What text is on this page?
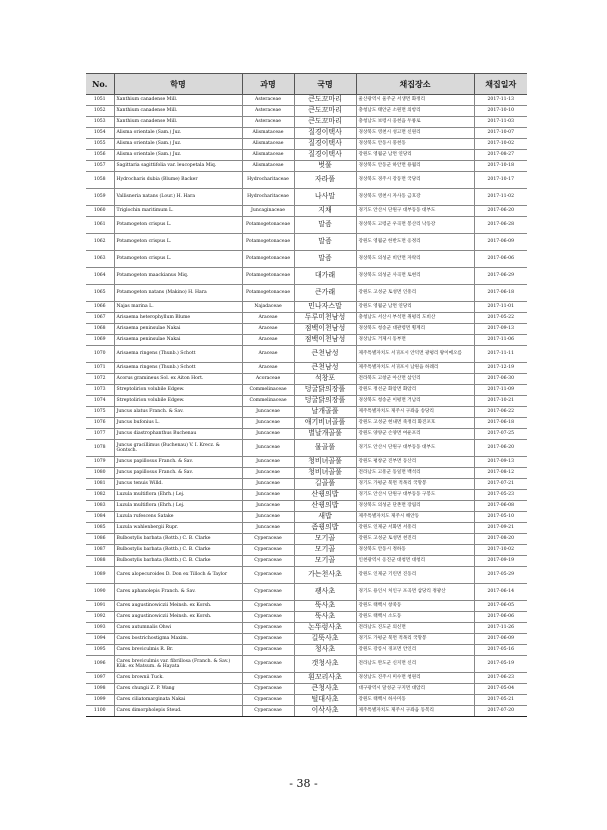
No.	학명	과명	국명	채집장소	채집일자
1051	Xanthium canadense Mill.	Asteraceae	큰도꼬마리	울산광역시 울주군 서생면 화정리	2017-11-13
1052	Xanthium canadense Mill.	Asteraceae	큰도꼬마리	충청남도 태안군 소원면 의항리	2017-10-10
1053	Xanthium canadense Mill.	Asteraceae	큰도꼬마리	충청남도 보령시 웅천읍 두룡로	2017-11-03
1054	Alisma orientale (Sam.) Juz.	Alismataceae	질경이택사	경상북도 영천시 성고면 신원리	2017-10-07
1055	Alisma orientale (Sam.) Juz.	Alismataceae	질경이택사	경상북도 안동시 풍천동	2017-10-02
1056	Alisma orientale (Sam.) Juz.	Alismataceae	질경이택사	강원도 영월군 남면 연당리	2017-08-27
1057	Sagittaria sagittifolia var. leucopetala Miq.	Alismataceae	벗풀	경상북도 안동군 하안면 용월리	2017-10-18
1058	Hydrocharis dubia (Blume) Backer	Hydrocharitaceae	자라풀	경상북도 경주시 강동면 국당리	2017-10-17
1059	Vallisneria natans (Lour.) H. Hara	Hydrocharitaceae	나사말	경상북도 영천시 자사동 금호강	2017-11-02
1060	Triglochin maritimum L.	Juncaginaceae	지채	경기도 안산시 단원구 대부동동 대부도	2017-06-20
1061	Potamogeton crispus L.	Potamogetonaceae	말즘	경상북도 고령군 우곡면 봉산리 낙동강	2017-06-28
1062	Potamogeton crispus L.	Potamogetonaceae	말즘	강원도 영월군 한반도면 옹정리	2017-06-09
1063	Potamogeton crispus L.	Potamogetonaceae	말즘	경상북도 의성군 비안면 자락리	2017-06-06
1064	Potamogeton maackianus Miq.	Potamogetonaceae	대가래	경상북도 의성군 사곡면 토현리	2017-06-29
1065	Potamogeton natans (Makino) H. Hara	Potamogetonaceae	큰가래	강원도 고성군 토성면 인흥리	2017-06-18
1066	Najas marina L.	Najadaceae	민나자스말	강원도 영월군 남면 연당리	2017-11-01
1067	Arisaema heterophyllum Blume	Araceae	두루미천남성	충청남도 서산시 부석면 취평리 도비산	2017-05-22
1068	Arisaema peninsulae Nakai	Araceae	점백이천남성	경상북도 청송군 대관령면 횡계리	2017-09-13
1069	Arisaema peninsulae Nakai	Araceae	점백이천남성	경상남도 거제시 동부면	2017-11-06
1070	Arisaema ringens (Thunb.) Schott	Araceae	큰천남성	제주특별자치도 서귀포시 안덕면 광평리 왕이메오름	2017-11-11
1071	Arisaema ringens (Thunb.) Schott	Araceae	큰천남성	제주특별자치도 서귀포시 남원읍 하례리	2017-12-19
1072	Acorus gramineus Sol. ex Aiton Hort.	Acoraceae	석창포	전라북도 고창군 아산면 삼인리	2017-06-30
1073	Streptolirion volubile Edgew.	Commelinaceae	덩굴닭의장풀	강원도 정선군 화암면 화암리	2017-11-09
1074	Streptolirion volubile Edgew.	Commelinaceae	덩굴닭의장풀	경상북도 청송군 이평면 거남리	2017-10-21
1075	Juncus alatus Franch. & Sav.	Juncaceae	날개골풀	제주특별자치도 제주시 구좌읍 송당리	2017-06-22
1076	Juncus bufonius L.	Juncaceae	애기비녀골풀	강원도 고성군 현내면 죽정리 화진포호	2017-06-18
1077	Juncus diastrophanthus Buchenau	Juncaceae	별날개골풀	강원도 양양군 손양면 여운포리	2017-07-25
1078	Juncus gracillimus (Buchenau) V. I. Krecz. & Gontsch.	Juncaceae	물골풀	경기도 안산시 단원구 대부동동 대부도	2017-06-20
1079	Juncus papillosus Franch. & Sav.	Juncaceae	청비녀골풀	강원도 평창군 진부면 동산리	2017-09-13
1080	Juncus papillosus Franch. & Sav.	Juncaceae	청비녀골풀	전라남도 고흥군 동일면 백석리	2017-08-12
1081	Juncus tenuis Willd.	Juncaceae	길골풀	경기도 가평군 북면 적목리 국망봉	2017-07-21
1082	Luzula multiflora (Ehrh.) Lej.	Juncaceae	산꿩의밥	경기도 안산시 단원구 대부동동 구봉도	2017-05-23
1083	Luzula multiflora (Ehrh.) Lej.	Juncaceae	산꿩의밥	경상북도 의성군 단촌면 장림리	2017-06-08
1084	Luzula rufescens Satake	Juncaceae	새밥	제주특별자치도 제주시 해안동	2017-05-10
1085	Luzula wahlenbergii Rupr.	Juncaceae	좀꿩의밥	강원도 인제군 서화면 서흥리	2017-09-21
1086	Bulbostylis barbata (Rottb.) C. B. Clarke	Cyperaceae	모기골	강원도 고성군 토성면 천진리	2017-08-20
1087	Bulbostylis barbata (Rottb.) C. B. Clarke	Cyperaceae	모기골	경상북도 안동시 정하동	2017-10-02
1088	Bulbostylis barbata (Rottb.) C. B. Clarke	Cyperaceae	모기골	인천광역시 옹진군 대청면 대청리	2017-09-19
1089	Carex alopecuroides D. Don ex Tilloch & Taylor	Cyperaceae	가는천사초	강원도 인제군 기린면 진동리	2017-05-29
1090	Carex aphanolepis Franch. & Sav.	Cyperaceae	괭사초	경기도 용인시 처인구 포곡면 삼당리 정광산	2017-06-14
1091	Carex augustinowiczii Meinsh. ex Korsh.	Cyperaceae	뚝사초	강원도 태백시 창죽동	2017-06-05
1092	Carex augustinowiczii Meinsh. ex Korsh.	Cyperaceae	뚝사초	강원도 태백시 소도동	2017-06-06
1093	Carex autumnalis Ohwi	Cyperaceae	논뚜렁사초	전라남도 진도군 의신면	2017-11-26
1094	Carex bostrichostigma Maxim.	Cyperaceae	길뚝사초	경기도 가평군 북면 적목리 국망봉	2017-06-09
1095	Carex breviculmis R. Br.	Cyperaceae	청사초	강원도 강릉시 경포면 안인리	2017-05-16
1096	Carex breviculmis var. fibrillosa (Franch. & Sav.) Kük. ex Matsum. & Hayata	Cyperaceae	갯청사초	전라남도 완도군 신지면 신리	2017-05-19
1097	Carex brownii Tuck.	Cyperaceae	흰꼬리사초	경상남도 진주시 미수면 청원리	2017-06-23
1098	Carex chungii Z. P. Wang	Cyperaceae	큰청사초	대구광역시 달성군 구지면 대암리	2017-05-04
1099	Carex ciliatomarginata Nakai	Cyperaceae	털대사초	강원도 태백시 하사미동	2017-05-21
1100	Carex dimorpholepis Steud.	Cyperaceae	이삭사초	제주특별자치도 제주시 구좌읍 동복리	2017-07-20
- 38 -
